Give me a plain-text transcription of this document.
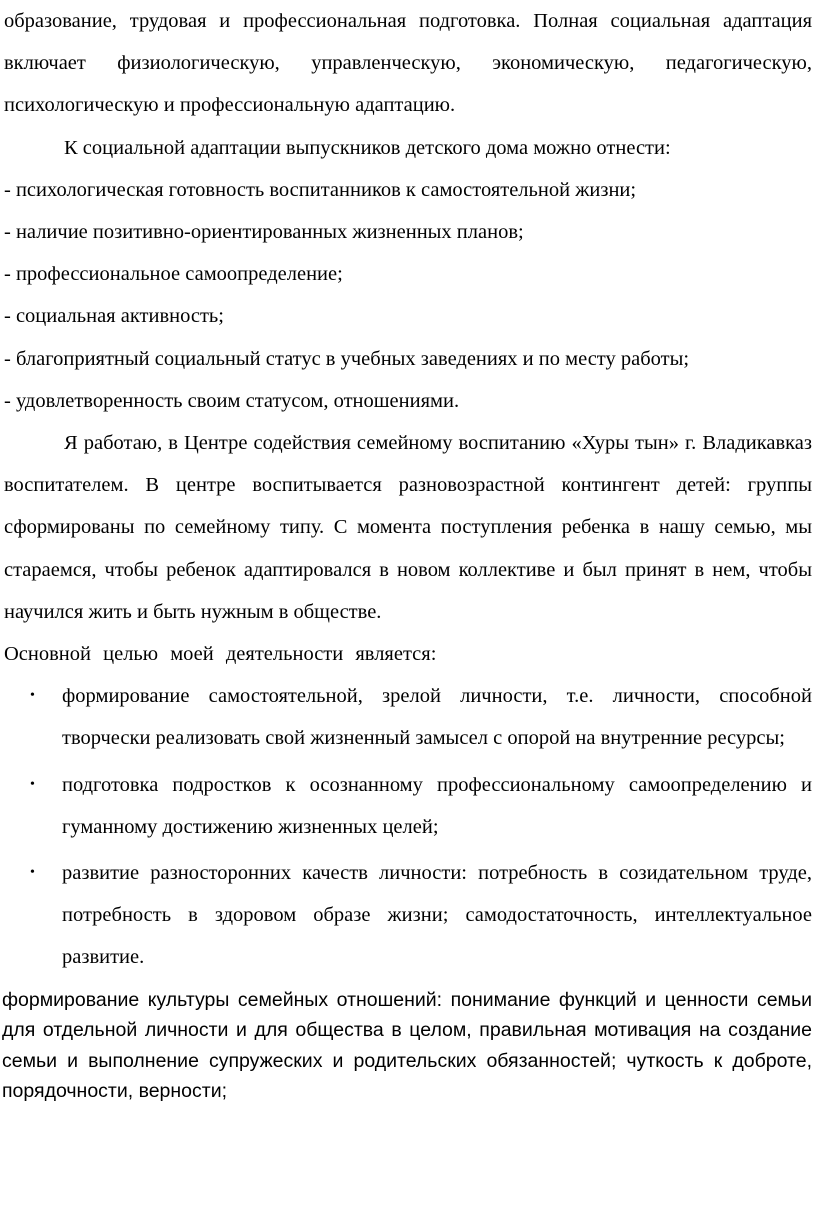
образование, трудовая и профессиональная подготовка. Полная социальная адаптация включает физиологическую, управленческую, экономическую, педагогическую, психологическую и профессиональную адаптацию.

К социальной адаптации выпускников детского дома можно отнести:

- психологическая готовность воспитанников к самостоятельной жизни;

- наличие позитивно-ориентированных жизненных планов;

- профессиональное самоопределение;

- социальная активность;

- благоприятный социальный статус в учебных заведениях и по месту работы;

- удовлетворенность своим статусом, отношениями.

Я работаю, в Центре содействия семейному воспитанию «Хуры тын» г. Владикавказ воспитателем. В центре воспитывается разновозрастной контингент детей: группы сформированы по семейному типу. С момента поступления ребенка в нашу семью, мы стараемся, чтобы ребенок адаптировался в новом коллективе и был принят в нем, чтобы научился жить и быть нужным в обществе.

Основной целью моей деятельности является:

• формирование самостоятельной, зрелой личности, т.е. личности, способной творчески реализовать свой жизненный замысел с опорой на внутренние ресурсы;
• подготовка подростков к осознанному профессиональному самоопределению и гуманному достижению жизненных целей;
• развитие разносторонних качеств личности: потребность в созидательном труде, потребность в здоровом образе жизни; самодостаточность, интеллектуальное развитие.

формирование культуры семейных отношений: понимание функций и ценности семьи для отдельной личности и для общества в целом, правильная мотивация на создание семьи и выполнение супружеских и родительских обязанностей; чуткость к доброте, порядочности, верности;
